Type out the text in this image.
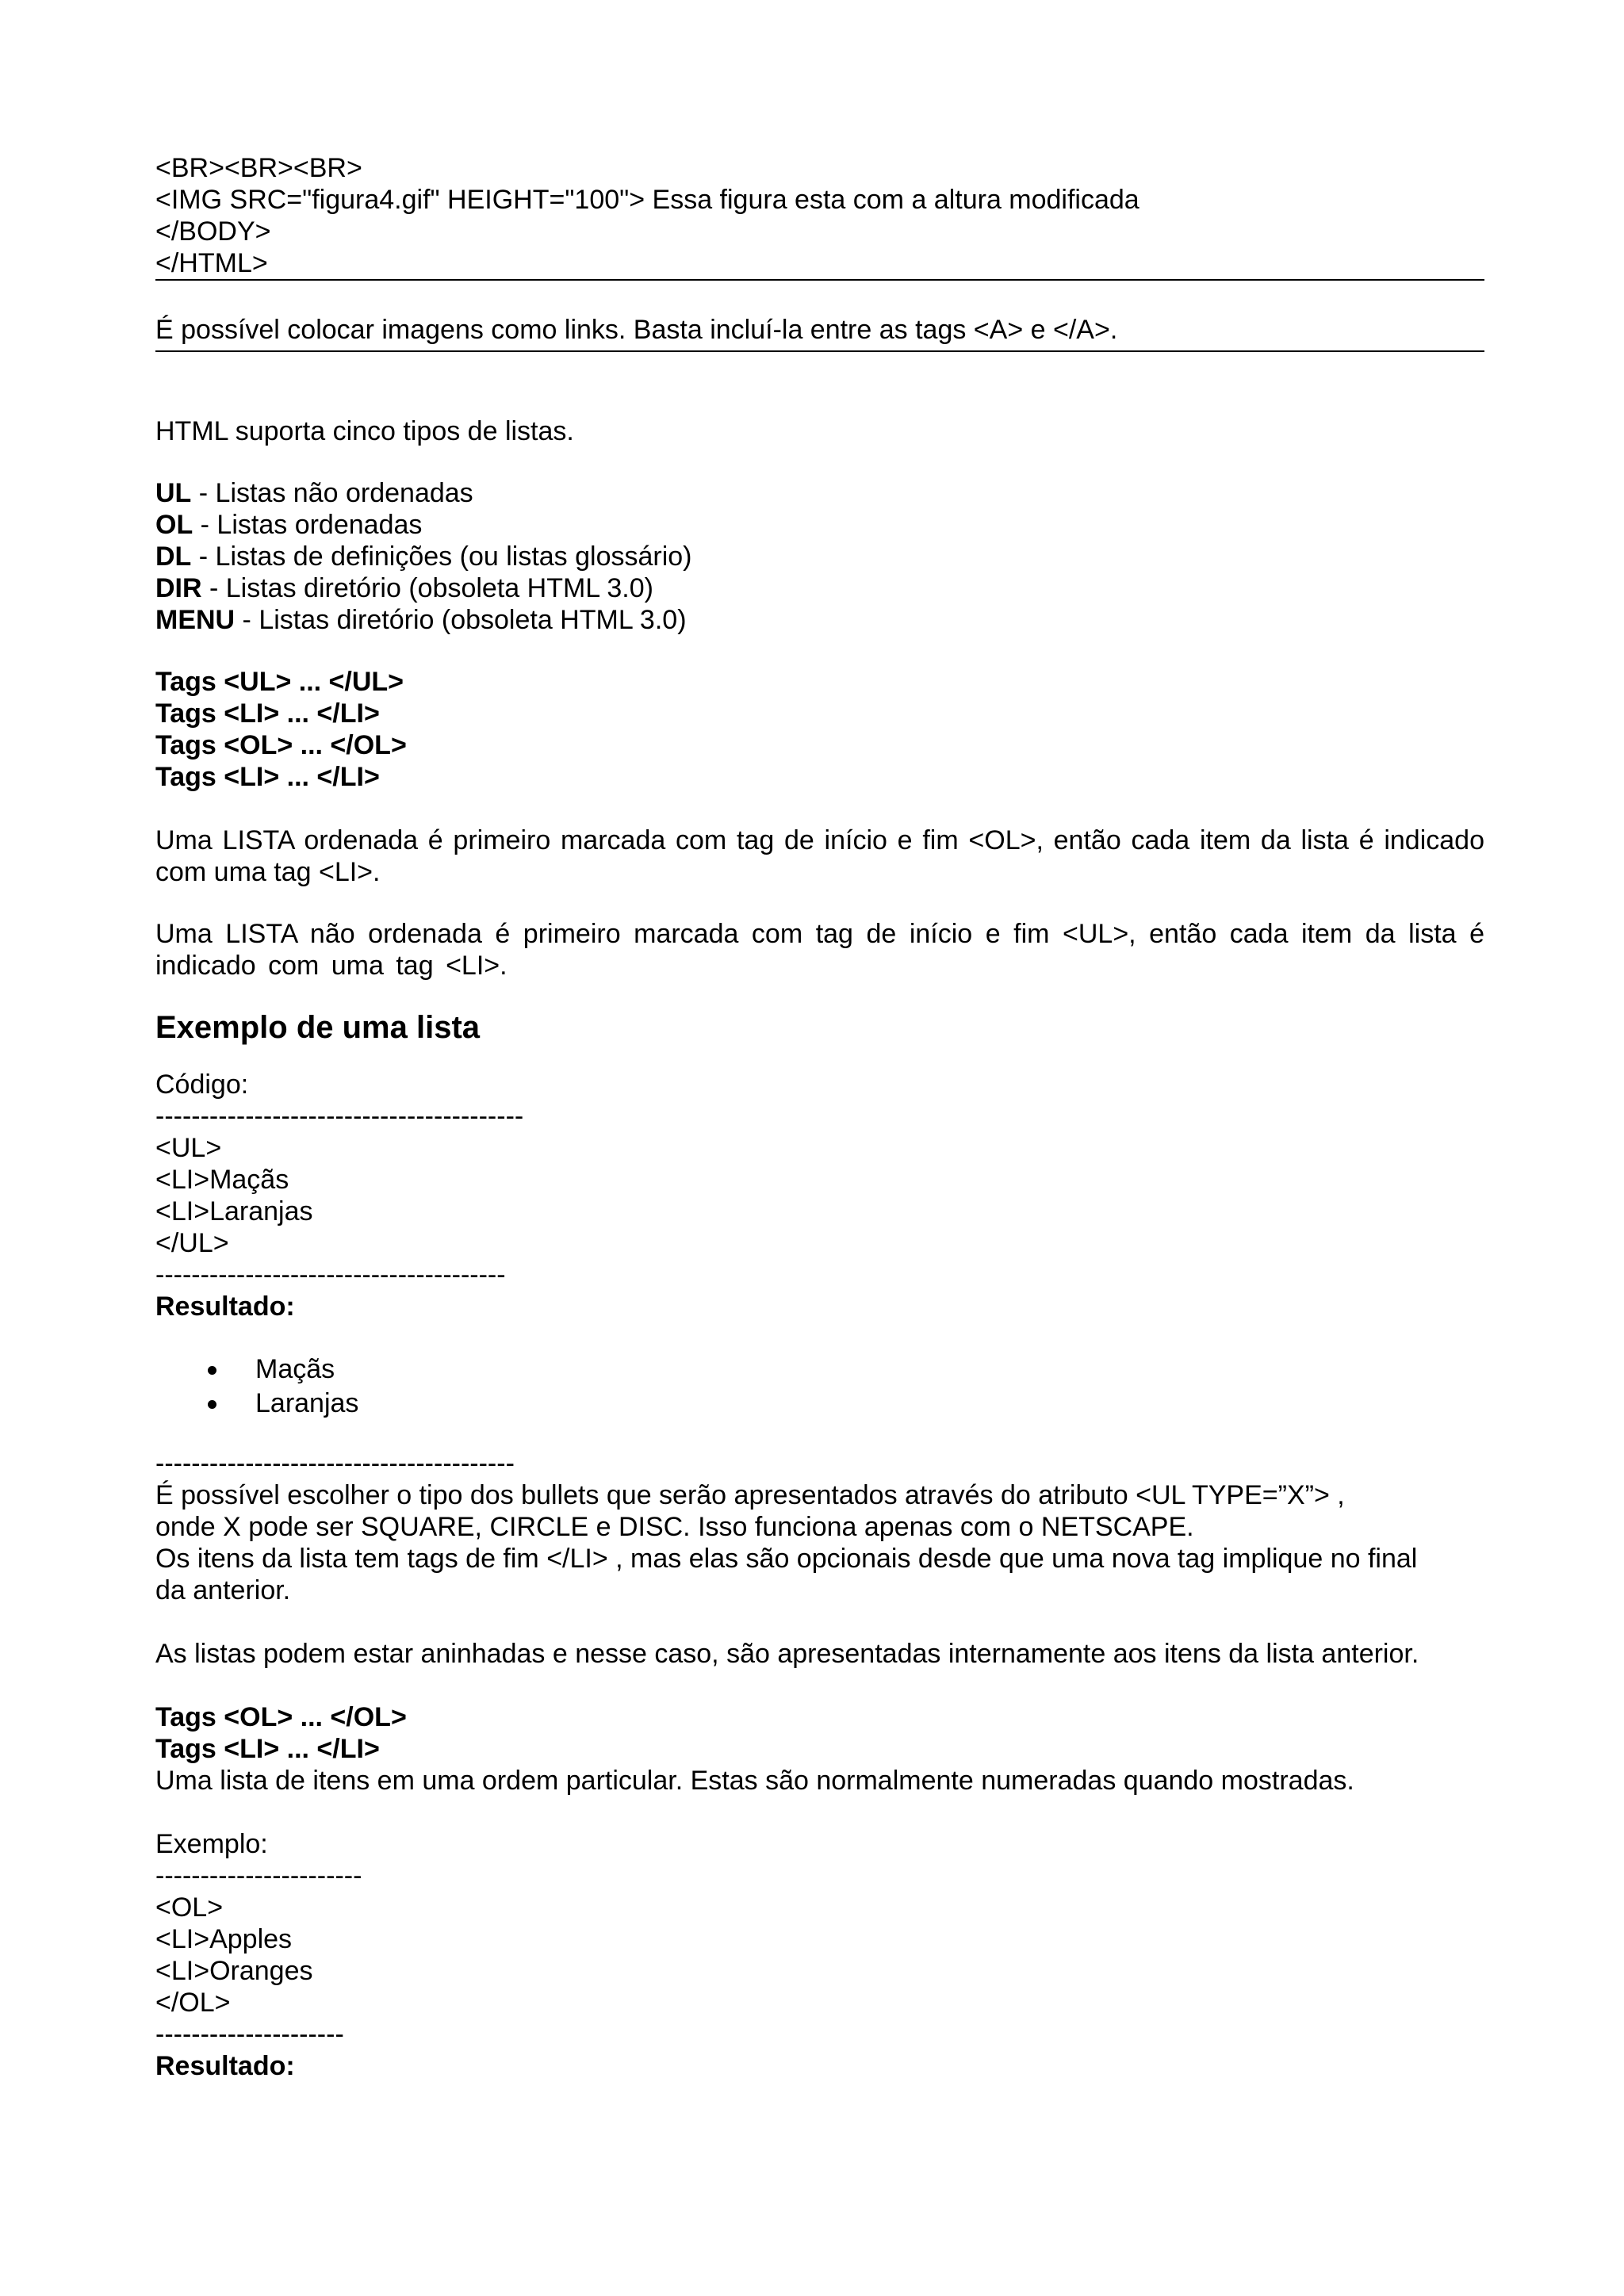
<BR><BR><BR>
<IMG SRC="figura4.gif" HEIGHT="100"> Essa figura esta com a altura modificada
</BODY>
</HTML>
É possível colocar imagens como links. Basta incluí-la entre as tags <A> e </A>.
HTML suporta cinco tipos de listas.
UL - Listas não ordenadas
OL - Listas ordenadas
DL - Listas de definições (ou listas glossário)
DIR - Listas diretório (obsoleta HTML 3.0)
MENU - Listas diretório (obsoleta HTML 3.0)
Tags <UL> ... </UL>
Tags <LI> ... </LI>
Tags <OL> ... </OL>
Tags <LI> ... </LI>
Uma LISTA ordenada é primeiro marcada com tag de início e fim <OL>, então cada item da lista é indicado com uma tag <LI>.
Uma LISTA não ordenada é primeiro marcada com tag de início e fim <UL>, então cada item da lista é indicado com uma tag <LI>.
Exemplo de uma lista
Código:
-----------------------------------------
<UL>
<LI>Maçãs
<LI>Laranjas
</UL>
---------------------------------------
Resultado:
Maçãs
Laranjas
----------------------------------------
É possível escolher o tipo dos bullets que serão apresentados através do atributo <UL TYPE=”X”> ,
onde X pode ser SQUARE, CIRCLE e DISC. Isso funciona apenas com o NETSCAPE.
Os itens da lista tem tags de fim </LI> , mas elas são opcionais desde que uma nova tag implique no final
da anterior.
As listas podem estar aninhadas e nesse caso, são apresentadas internamente aos itens da lista anterior.
Tags <OL> ... </OL>
Tags <LI> ... </LI>
Uma lista de itens em uma ordem particular. Estas são normalmente numeradas quando mostradas.
Exemplo:
-----------------------
<OL>
<LI>Apples
<LI>Oranges
</OL>
---------------------
Resultado:
